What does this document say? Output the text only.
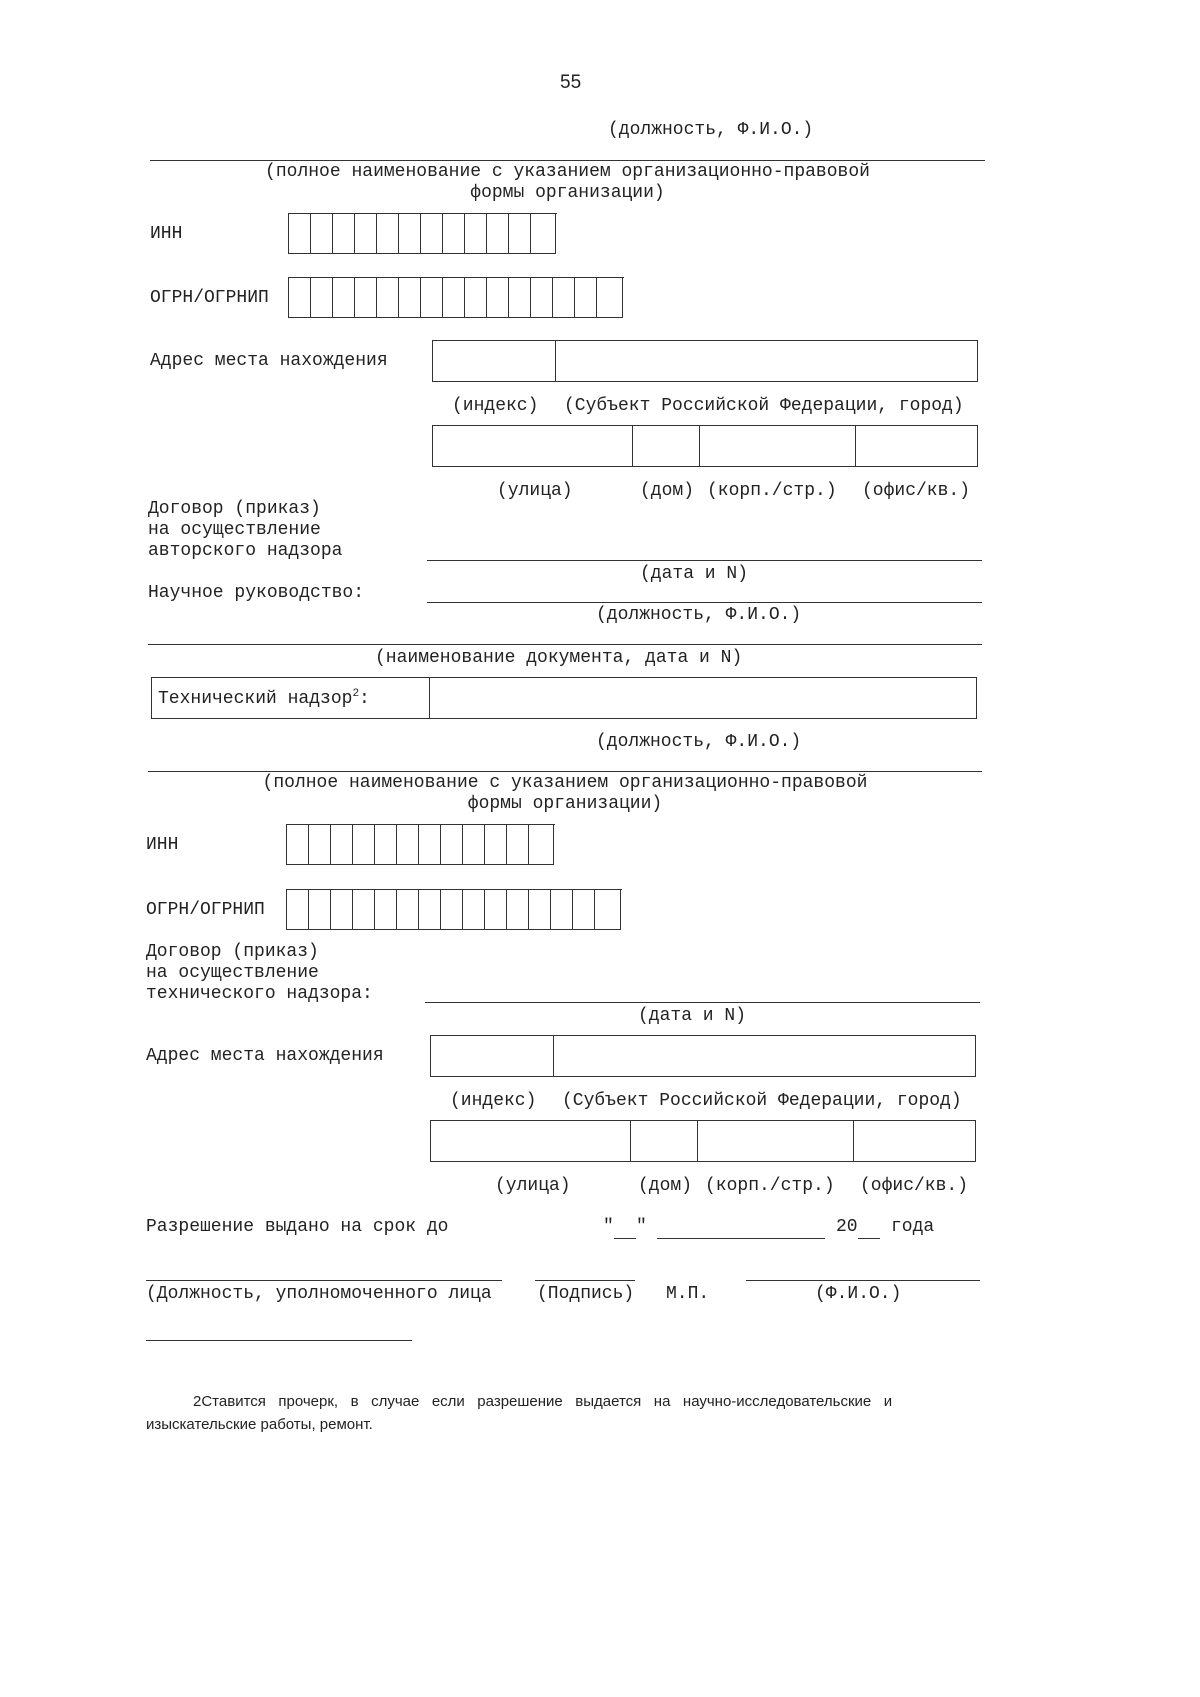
55
(должность, Ф.И.О.)
(полное наименование с указанием организационно-правовой
формы организации)
ИНН
ОГРН/ОГРНИП
Адрес места нахождения
(индекс) (Субъект Российской Федерации, город)
(улица)	(дом) (корп./стр.) (офис/кв.)
Договор (приказ)
на осуществление
авторского надзора
(дата и N)
Научное руководство:
(должность, Ф.И.О.)
(наименование документа, дата и N)
Технический надзор$^2$:
(должность, Ф.И.О.)
(полное наименование с указанием организационно-правовой
формы организации)
ИНН
ОГРН/ОГРНИП
Договор (приказ)
на осуществление
технического надзора:
(дата и N)
Адрес места нахождения
(индекс) (Субъект Российской Федерации, город)
(улица)	(дом) (корп./стр.) (офис/кв.)
Разрешение выдано на срок до	" "	20 года
(Должность, уполномоченного лица	(Подпись) М.П.	(Ф.И.О.)
2Ставится   прочерк,   в   случае   если   разрешение   выдается   на   научно-исследовательские   и
изыскательские работы, ремонт.
